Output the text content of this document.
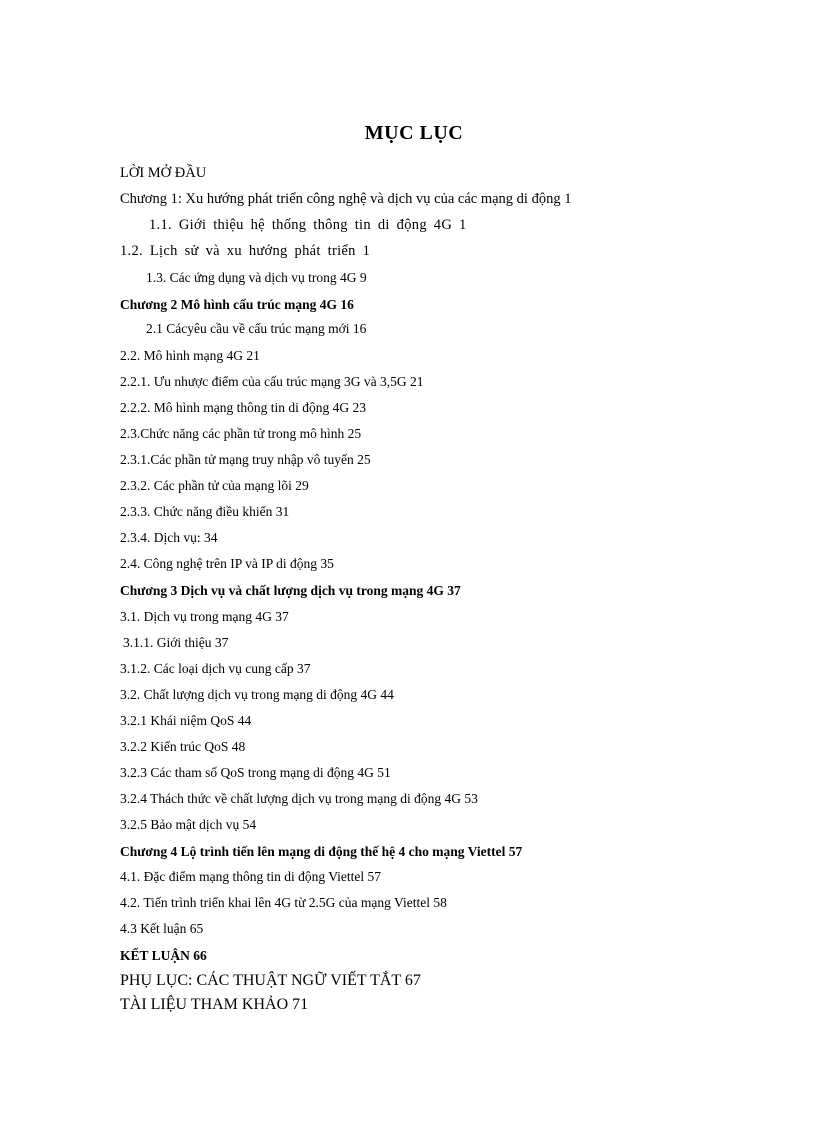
MỤC LỤC
LỜI MỞ ĐẦU
Chương 1: Xu hướng phát triển công nghệ và dịch vụ của các mạng di động 1
1.1. Giới thiệu hệ thống thông tin di động 4G 1
1.2. Lịch sử và xu hướng phát triển 1
1.3. Các ứng dụng và dịch vụ trong 4G 9
Chương 2 Mô hình cấu trúc mạng 4G 16
2.1 Cácyêu cầu về cấu trúc mạng mới 16
2.2. Mô hình mạng 4G 21
2.2.1. Ưu nhược điểm của cấu trúc mạng 3G và 3,5G 21
2.2.2. Mô hình mạng thông tin di động 4G 23
2.3.Chức năng các phần tử trong mô hình 25
2.3.1.Các phần tử mạng truy nhập vô tuyến 25
2.3.2. Các phần tử của mạng lõi 29
2.3.3. Chức năng điều khiển 31
2.3.4. Dịch vụ: 34
2.4. Công nghệ trên IP và IP di động 35
Chương 3 Dịch vụ và chất lượng dịch vụ trong mạng 4G 37
3.1. Dịch vụ trong mạng 4G 37
3.1.1. Giới thiệu 37
3.1.2. Các loại dịch vụ cung cấp 37
3.2. Chất lượng dịch vụ trong mạng di động 4G 44
3.2.1 Khái niệm QoS 44
3.2.2 Kiến trúc QoS 48
3.2.3 Các tham số QoS trong mạng di động 4G 51
3.2.4 Thách thức về chất lượng dịch vụ trong mạng di động 4G 53
3.2.5 Bảo mật dịch vụ 54
Chương 4 Lộ trình tiến lên mạng di động thế hệ 4 cho mạng Viettel 57
4.1. Đặc điểm mạng thông tin di động Viettel 57
4.2. Tiến trình triển khai lên 4G từ 2.5G của mạng Viettel 58
4.3 Kết luận 65
KẾT LUẬN 66
PHỤ LỤC: CÁC THUẬT NGỮ VIẾT TẮT 67
TÀI LIỆU THAM KHẢO 71
